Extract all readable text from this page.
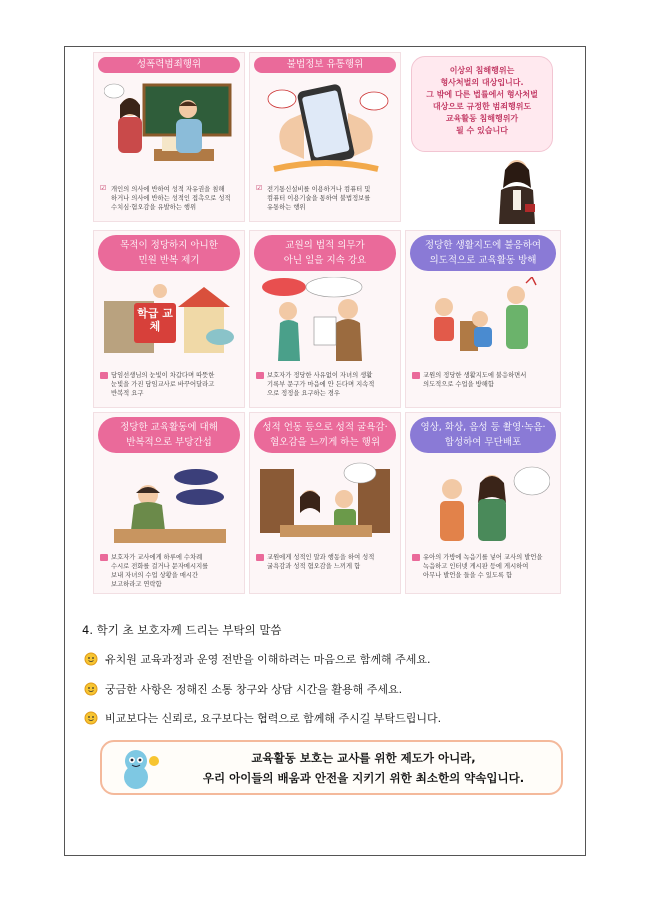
성폭력범죄행위
☑ 개인의 의사에 반하여 성적 자유권을 침해
하거나 의사에 반하는 성적인 접촉으로 성적
수치심·혐오감을 유발하는 행위
불법정보 유통행위
☑ 전기통신설비를 이용하거나 컴퓨터 및
컴퓨터 이용기술을 통하여 불법정보를
유통하는 행위
이상의 침해행위는
형사처벌의 대상입니다.
그 밖에 다른 법률에서 형사처벌
대상으로 규정한 범죄행위도
교육활동 침해행위가
될 수 있습니다
목적이 정당하지 아니한
민원 반복 제기
학급 교체
담임선생님의 눈빛이 차갑다며 따뜻한
눈빛을 가진 담임교사로 바꾸어달라고
반복적 요구
교원의 법적 의무가
아닌 일을 지속 강요
보호자가 정당한 사유없이 자녀의 생활
기록부 문구가 마음에 안 든다며 지속적
으로 정정을 요구하는 경우
정당한 생활지도에 불응하여
의도적으로 교육활동 방해
교원의 정당한 생활지도에 불응하면서
의도적으로 수업을 방해함
정당한 교육활동에 대해
반복적으로 부당간섭
보호자가 교사에게 하루에 수차례
수시로 전화를 걸거나 문자메시지를
보내 자녀의 수업 상황을 매시간
보고하라고 연락함
성적 언동 등으로 성적 굴욕감·
혐오감을 느끼게 하는 행위
교원에게 성적인 말과 행동을 하여 성적
굴욕감과 성적 혐오감을 느끼게 함
영상, 화상, 음성 등 촬영·녹음·
합성하여 무단배포
유아의 가방에 녹음기를 넣어 교사의 발언을
녹음하고 인터넷 게시판 등에 게시하여
아무나 발언을 들을 수 있도록 함
4. 학기 초 보호자께 드리는 부탁의 말씀
유치원 교육과정과 운영 전반을 이해하려는 마음으로 함께해 주세요.
궁금한 사항은 정해진 소통 창구와 상담 시간을 활용해 주세요.
비교보다는 신뢰로, 요구보다는 협력으로 함께해 주시길 부탁드립니다.
교육활동 보호는 교사를 위한 제도가 아니라,
우리 아이들의 배움과 안전을 지키기 위한 최소한의 약속입니다.
